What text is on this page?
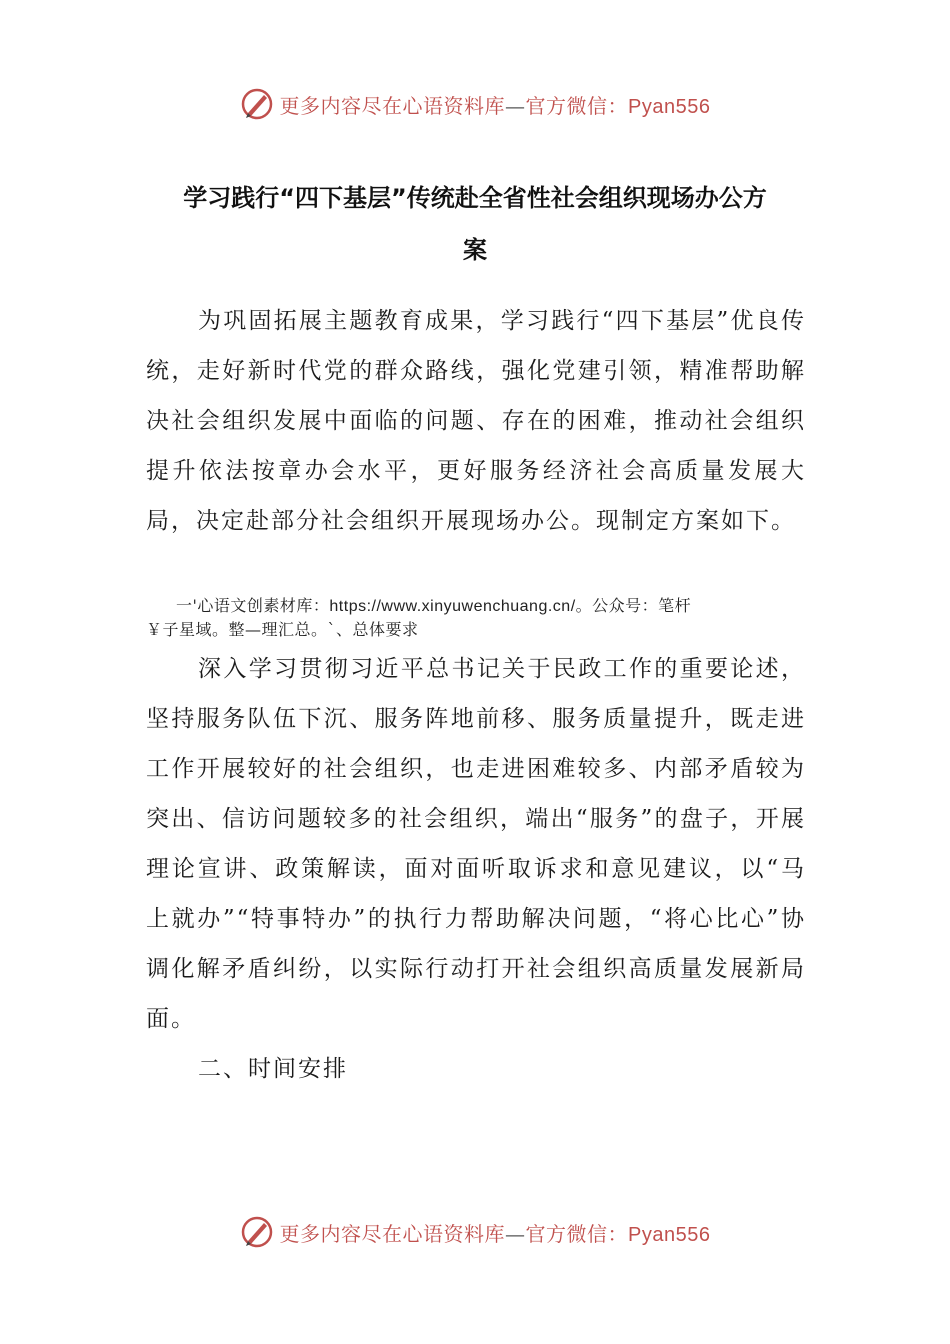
更多内容尽在心语资料库—官方微信：Pyan556
学习践行“四下基层”传统赴全省性社会组织现场办公方
案

为巩固拓展主题教育成果，学习践行“四下基层”优良传统，走好新时代党的群众路线，强化党建引领，精准帮助解决社会组织发展中面临的问题、存在的困难，推动社会组织提升依法按章办会水平，更好服务经济社会高质量发展大局，决定赴部分社会组织开展现场办公。现制定方案如下。

一'心语文创素材库：https://www.xinyuwenchuang.cn/。公众号：笔杆
￥子星域。整—理汇总。`、总体要求

深入学习贯彻习近平总书记关于民政工作的重要论述，坚持服务队伍下沉、服务阵地前移、服务质量提升，既走进工作开展较好的社会组织，也走进困难较多、内部矛盾较为突出、信访问题较多的社会组织，端出“服务”的盘子，开展理论宣讲、政策解读，面对面听取诉求和意见建议，以“马上就办”“特事特办”的执行力帮助解决问题，“将心比心”协调化解矛盾纠纷，以实际行动打开社会组织高质量发展新局面。

二、时间安排
更多内容尽在心语资料库—官方微信：Pyan556
